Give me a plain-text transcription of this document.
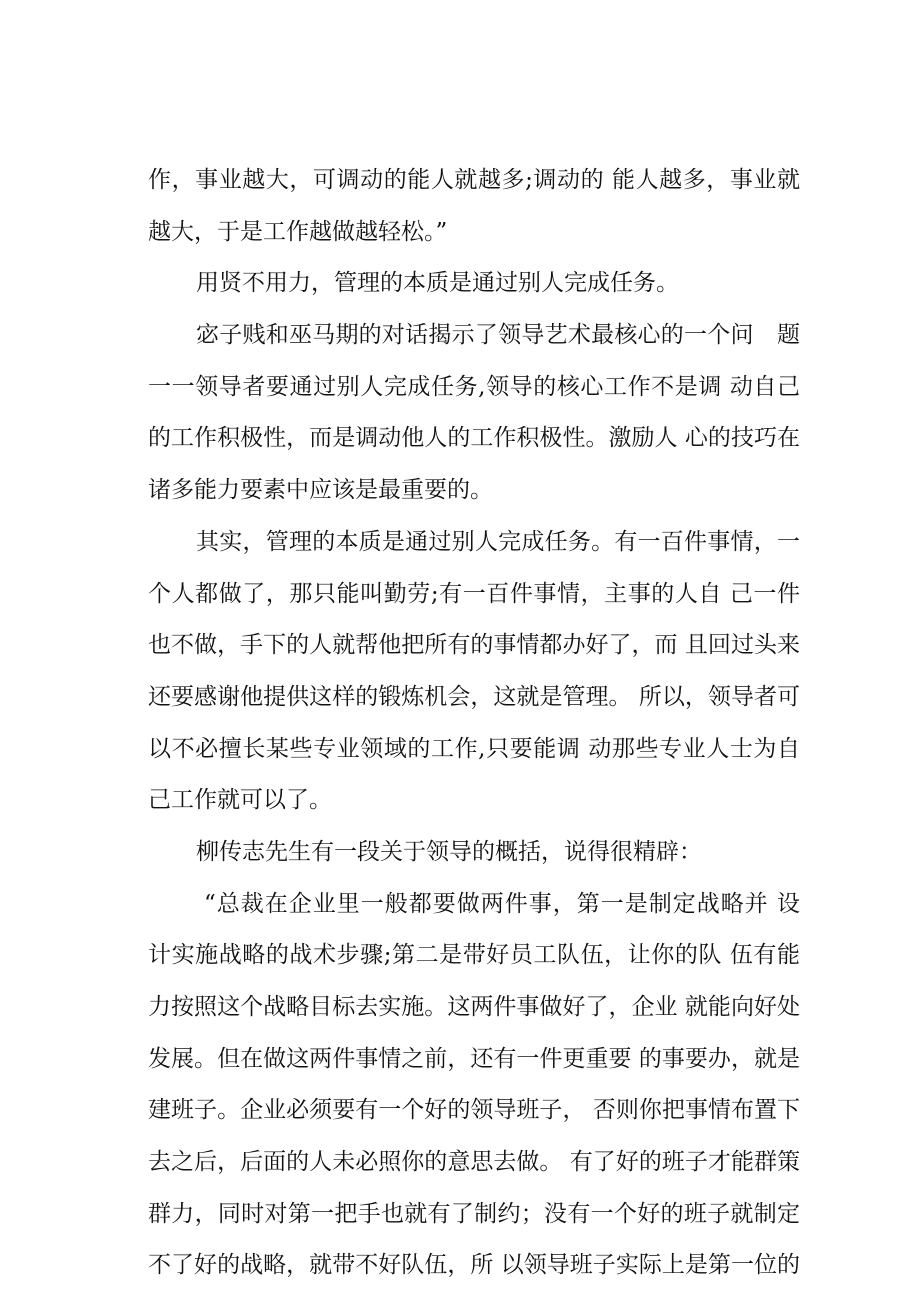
作，事业越大，可调动的能人就越多;调动的 能人越多，事业就
越大，于是工作越做越轻松。”
用贤不用力，管理的本质是通过别人完成任务。
宓子贱和巫马期的对话揭示了领导艺术最核心的一个问　题
一一领导者要通过别人完成任务,领导的核心工作不是调 动自己
的工作积极性，而是调动他人的工作积极性。激励人 心的技巧在
诸多能力要素中应该是最重要的。
其实，管理的本质是通过别人完成任务。有一百件事情，一
个人都做了，那只能叫勤劳;有一百件事情，主事的人自 己一件
也不做，手下的人就帮他把所有的事情都办好了，而 且回过头来
还要感谢他提供这样的锻炼机会，这就是管理。 所以，领导者可
以不必擅长某些专业领域的工作,只要能调 动那些专业人士为自
己工作就可以了。
柳传志先生有一段关于领导的概括，说得很精辟：
“总裁在企业里一般都要做两件事，第一是制定战略并 设
计实施战略的战术步骤;第二是带好员工队伍，让你的队 伍有能
力按照这个战略目标去实施。这两件事做好了，企业 就能向好处
发展。但在做这两件事情之前，还有一件更重要 的事要办，就是
建班子。企业必须要有一个好的领导班子， 否则你把事情布置下
去之后，后面的人未必照你的意思去做。 有了好的班子才能群策
群力，同时对第一把手也就有了制约；没有一个好的班子就制定
不了好的战略，就带不好队伍，所 以领导班子实际上是第一位的
